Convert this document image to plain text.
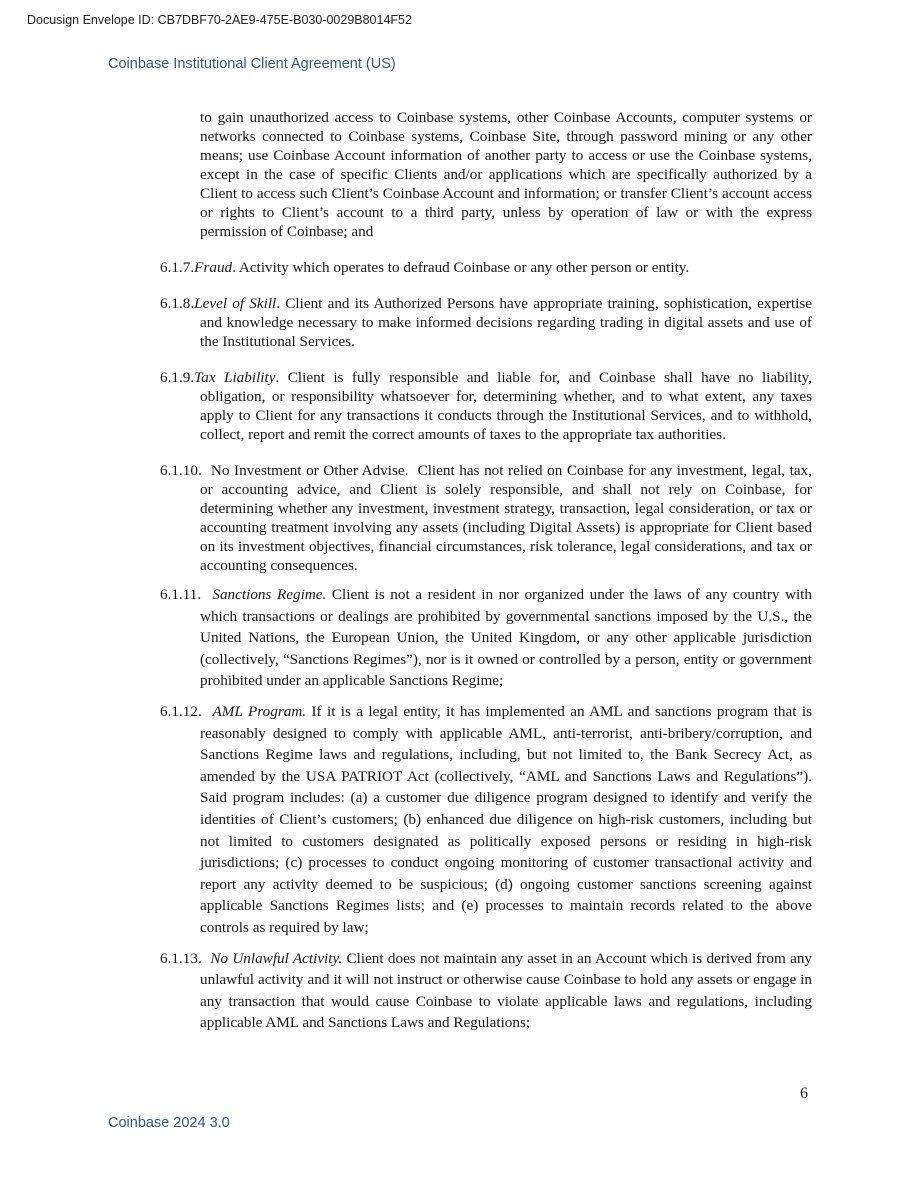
Docusign Envelope ID: CB7DBF70-2AE9-475E-B030-0029B8014F52
Coinbase Institutional Client Agreement (US)

to gain unauthorized access to Coinbase systems, other Coinbase Accounts, computer systems or networks connected to Coinbase systems, Coinbase Site, through password mining or any other means; use Coinbase Account information of another party to access or use the Coinbase systems, except in the case of specific Clients and/or applications which are specifically authorized by a Client to access such Client’s Coinbase Account and information; or transfer Client’s account access or rights to Client’s account to a third party, unless by operation of law or with the express permission of Coinbase; and

6.1.7.Fraud. Activity which operates to defraud Coinbase or any other person or entity.

6.1.8.Level of Skill. Client and its Authorized Persons have appropriate training, sophistication, expertise and knowledge necessary to make informed decisions regarding trading in digital assets and use of the Institutional Services.

6.1.9.Tax Liability. Client is fully responsible and liable for, and Coinbase shall have no liability, obligation, or responsibility whatsoever for, determining whether, and to what extent, any taxes apply to Client for any transactions it conducts through the Institutional Services, and to withhold, collect, report and remit the correct amounts of taxes to the appropriate tax authorities.

6.1.10.  No Investment or Other Advise.  Client has not relied on Coinbase for any investment, legal, tax, or accounting advice, and Client is solely responsible, and shall not rely on Coinbase, for determining whether any investment, investment strategy, transaction, legal consideration, or tax or accounting treatment involving any assets (including Digital Assets) is appropriate for Client based on its investment objectives, financial circumstances, risk tolerance, legal considerations, and tax or accounting consequences.

6.1.11.  Sanctions Regime. Client is not a resident in nor organized under the laws of any country with which transactions or dealings are prohibited by governmental sanctions imposed by the U.S., the United Nations, the European Union, the United Kingdom, or any other applicable jurisdiction (collectively, “Sanctions Regimes”), nor is it owned or controlled by a person, entity or government prohibited under an applicable Sanctions Regime;

6.1.12.  AML Program. If it is a legal entity, it has implemented an AML and sanctions program that is reasonably designed to comply with applicable AML, anti-terrorist, anti-bribery/corruption, and Sanctions Regime laws and regulations, including, but not limited to, the Bank Secrecy Act, as amended by the USA PATRIOT Act (collectively, “AML and Sanctions Laws and Regulations”). Said program includes: (a) a customer due diligence program designed to identify and verify the identities of Client’s customers; (b) enhanced due diligence on high-risk customers, including but not limited to customers designated as politically exposed persons or residing in high-risk jurisdictions; (c) processes to conduct ongoing monitoring of customer transactional activity and report any activity deemed to be suspicious; (d) ongoing customer sanctions screening against applicable Sanctions Regimes lists; and (e) processes to maintain records related to the above controls as required by law;

6.1.13.  No Unlawful Activity. Client does not maintain any asset in an Account which is derived from any unlawful activity and it will not instruct or otherwise cause Coinbase to hold any assets or engage in any transaction that would cause Coinbase to violate applicable laws and regulations, including applicable AML and Sanctions Laws and Regulations;

6
Coinbase 2024 3.0
